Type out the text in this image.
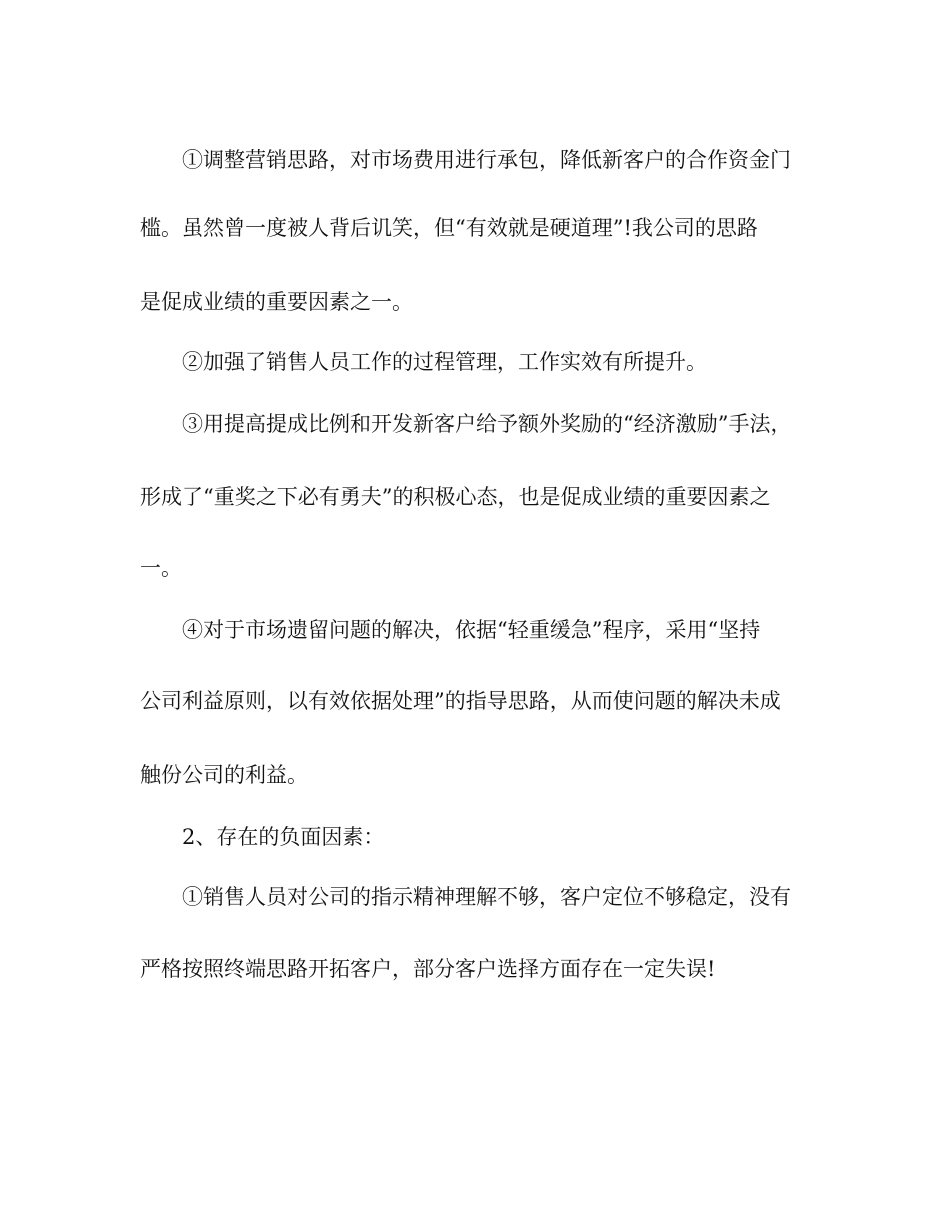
①调整营销思路，对市场费用进行承包，降低新客户的合作资金门
槛。虽然曾一度被人背后讥笑，但“有效就是硬道理”!我公司的思路
是促成业绩的重要因素之一。
②加强了销售人员工作的过程管理，工作实效有所提升。
③用提高提成比例和开发新客户给予额外奖励的“经济激励”手法，
形成了“重奖之下必有勇夫”的积极心态，也是促成业绩的重要因素之
一。
④对于市场遗留问题的解决，依据“轻重缓急”程序，采用“坚持
公司利益原则，以有效依据处理”的指导思路，从而使问题的解决未成
触份公司的利益。
2、存在的负面因素：
①销售人员对公司的指示精神理解不够，客户定位不够稳定，没有
严格按照终端思路开拓客户，部分客户选择方面存在一定失误!
